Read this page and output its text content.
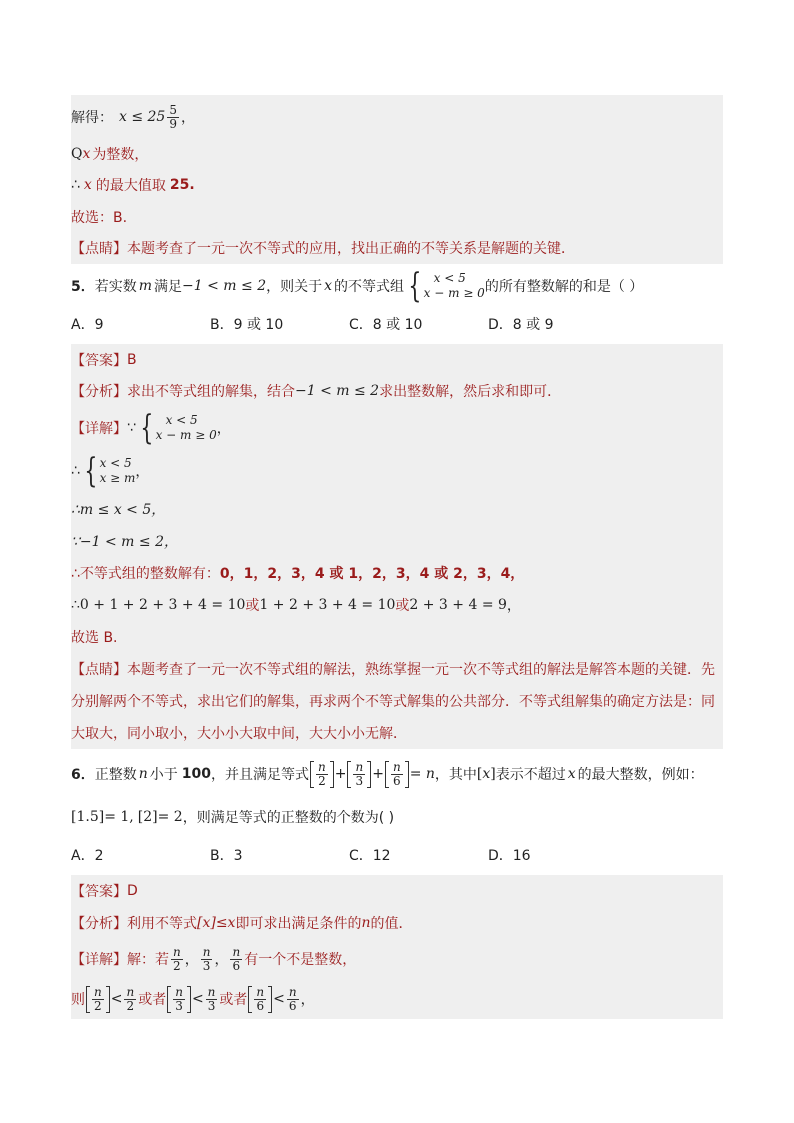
解得： $x \le 25 \frac{5}{9}$ ，
Q x 为整数，
∴ x 的最大值取 25 .
故选：B.
【点睛】 本题考查了一元一次不等式的应用，找出正确的不等关系是解题的关键．
5． 若实数 m 满足 −1 < m ≤ 2 ，则关于 x 的不等式组 {	x < 5
x − m ≥ 0 的所有整数解的和是（ ）
A．9	B．9 或 10	C．8 或 10	D．8 或 9
【答案】 B
【分析】 求出不等式组的解集，结合 −1 < m ≤ 2 求出整数解，然后求和即可．
【详解】 ∵ {	x < 5
x − m ≥ 0 ，
∴ { x < 5
x ≥ m ，
∴m ≤ x < 5，
∵−1 < m ≤ 2，
∴不等式组的整数解有： 0，1，2，3，4 或 1，2，3，4 或 2，3，4，
∴0 + 1 + 2 + 3 + 4 = 10 或 1 + 2 + 3 + 4 = 10 或 2 + 3 + 4 = 9 ，
故选 B.
【点睛】 本题考查了一元一次不等式组的解法，熟练掌握一元一次不等式组的解法是解答本题的关键．先
分别解两个不等式，求出它们的解集，再求两个不等式解集的公共部分．不等式组解集的确定方法是：同
大取大，同小取小，大小小大取中间，大大小小无解．
6． 正整数 n 小于 100 ，并且满足等式 $\frac{n}{2} + \frac{n}{3} + \frac{n}{6} = n$ ，其中 [x] 表示不超过 x 的最大整数，例如：
[1.5] = 1, [2] = 2 ，则满足等式的正整数的个数为( )
A．2	B．3	C．12	D．16
【答案】 D
【分析】 利用不等式 [x]≤x 即可求出满足条件的 n 的值．
【详解】 解：若 $\frac{n}{2}$ ， $\frac{n}{3}$ ， $\frac{n}{6}$ 有一个不是整数，
则 $\frac{n}{2} < \frac{n}{2}$ 或者 $\frac{n}{3} < \frac{n}{3}$ 或者 $\frac{n}{6} < \frac{n}{6}$ ，
